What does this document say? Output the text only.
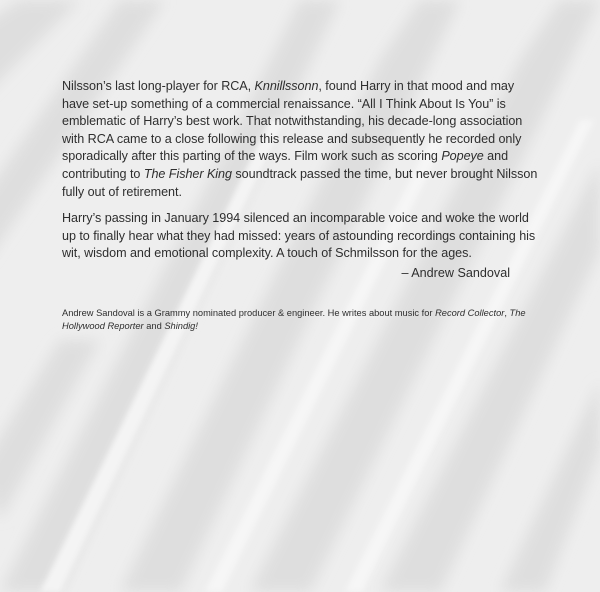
Nilsson’s last long-player for RCA, Knnillssonn, found Harry in that mood and may have set-up something of a commercial renaissance. “All I Think About Is You” is emblematic of Harry’s best work. That notwithstanding, his decade-long association with RCA came to a close following this release and subsequently he recorded only sporadically after this parting of the ways. Film work such as scoring Popeye and contributing to The Fisher King soundtrack passed the time, but never brought Nilsson fully out of retirement.

Harry’s passing in January 1994 silenced an incomparable voice and woke the world up to finally hear what they had missed: years of astounding recordings containing his wit, wisdom and emotional complexity. A touch of Schmilsson for the ages.

– Andrew Sandoval

Andrew Sandoval is a Grammy nominated producer & engineer. He writes about music for Record Collector, The Hollywood Reporter and Shindig!
